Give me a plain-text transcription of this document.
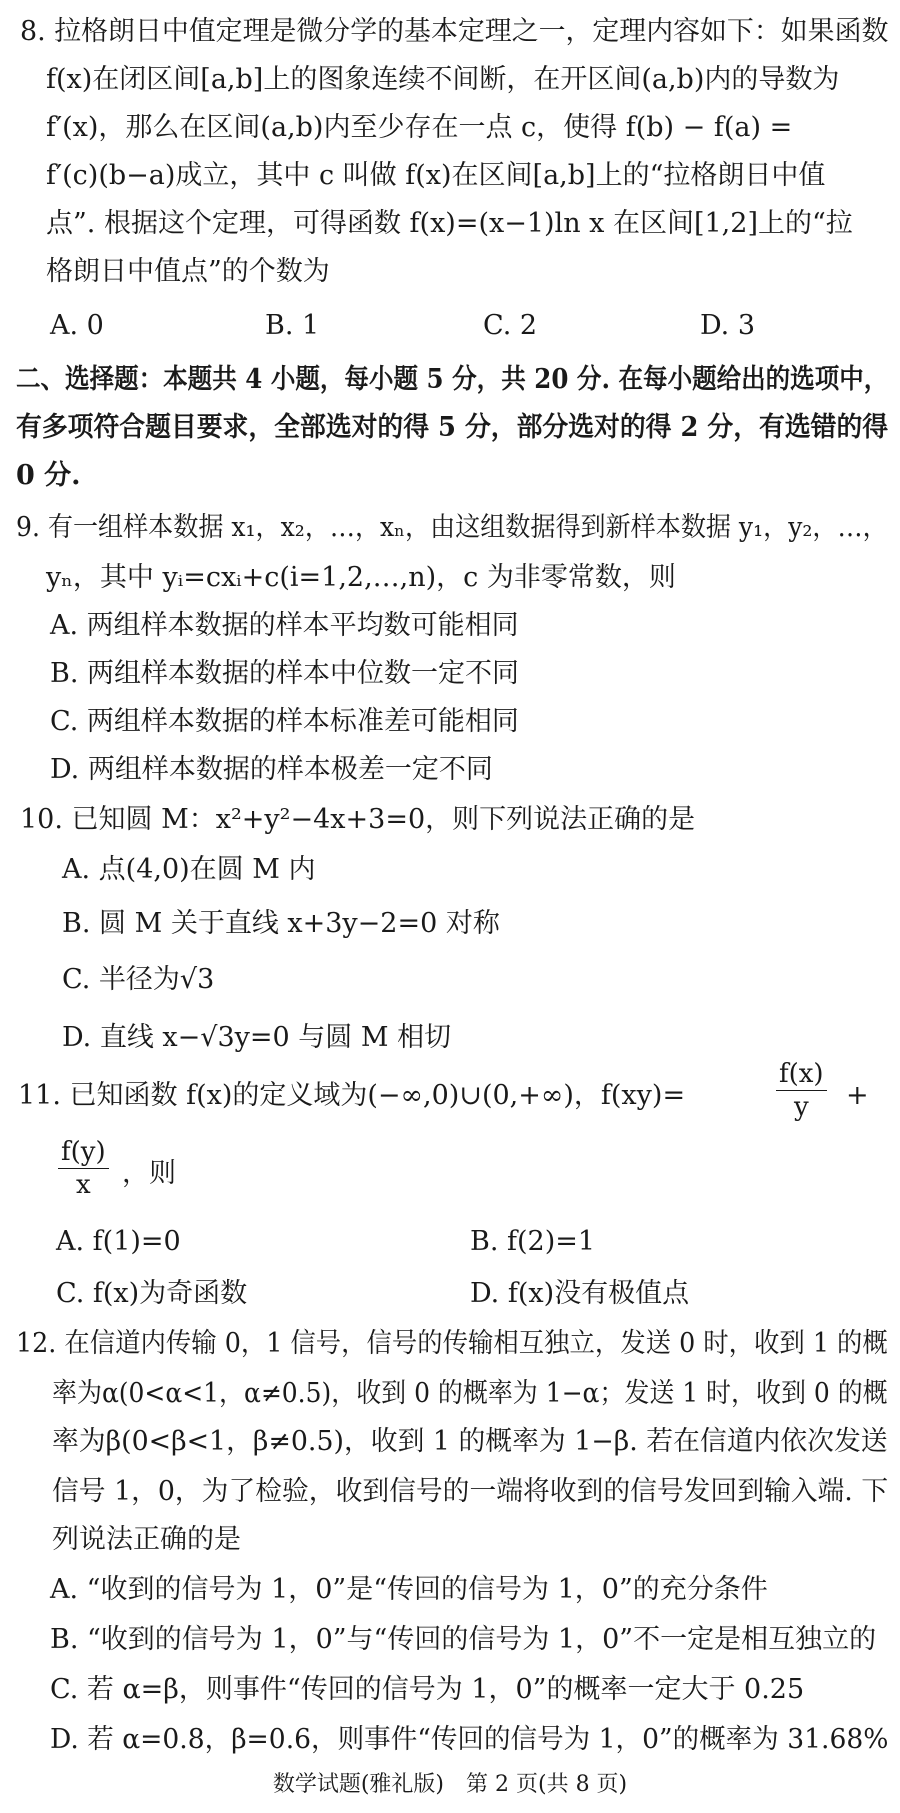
8. 拉格朗日中值定理是微分学的基本定理之一，定理内容如下：如果函数
f(x)在闭区间[a,b]上的图象连续不间断，在开区间(a,b)内的导数为
f′(x)，那么在区间(a,b)内至少存在一点 c，使得 f(b) − f(a) =
f′(c)(b−a)成立，其中 c 叫做 f(x)在区间[a,b]上的“拉格朗日中值
点”. 根据这个定理，可得函数 f(x)=(x−1)ln x 在区间[1,2]上的“拉
格朗日中值点”的个数为
A. 0	B. 1	C. 2	D. 3
二、选择题：本题共 4 小题，每小题 5 分，共 20 分. 在每小题给出的选项中，
有多项符合题目要求，全部选对的得 5 分，部分选对的得 2 分，有选错的得
0 分.
9. 有一组样本数据 x₁，x₂，…，xₙ，由这组数据得到新样本数据 y₁，y₂，…，
yₙ，其中 yᵢ=cxᵢ+c(i=1,2,…,n)，c 为非零常数，则
A. 两组样本数据的样本平均数可能相同
B. 两组样本数据的样本中位数一定不同
C. 两组样本数据的样本标准差可能相同
D. 两组样本数据的样本极差一定不同
10. 已知圆 M：x²+y²−4x+3=0，则下列说法正确的是
A. 点(4,0)在圆 M 内
B. 圆 M 关于直线 x+3y−2=0 对称
C. 半径为√3
D. 直线 x−√3y=0 与圆 M 相切
11. 已知函数 f(x)的定义域为(−∞,0)∪(0,+∞)，f(xy)=	$\frac{f(x)}{y}$ +
$\frac{f(y)}{x}$ ，则
A. f(1)=0	B. f(2)=1
C. f(x)为奇函数	D. f(x)没有极值点
12. 在信道内传输 0，1 信号，信号的传输相互独立，发送 0 时，收到 1 的概
率为α(0<α<1，α≠0.5)，收到 0 的概率为 1−α；发送 1 时，收到 0 的概
率为β(0<β<1，β≠0.5)，收到 1 的概率为 1−β. 若在信道内依次发送
信号 1，0，为了检验，收到信号的一端将收到的信号发回到输入端. 下
列说法正确的是
A. “收到的信号为 1，0”是“传回的信号为 1，0”的充分条件
B. “收到的信号为 1，0”与“传回的信号为 1，0”不一定是相互独立的
C. 若 α=β，则事件“传回的信号为 1，0”的概率一定大于 0.25
D. 若 α=0.8，β=0.6，则事件“传回的信号为 1，0”的概率为 31.68%
数学试题(雅礼版)　第 2 页(共 8 页)
